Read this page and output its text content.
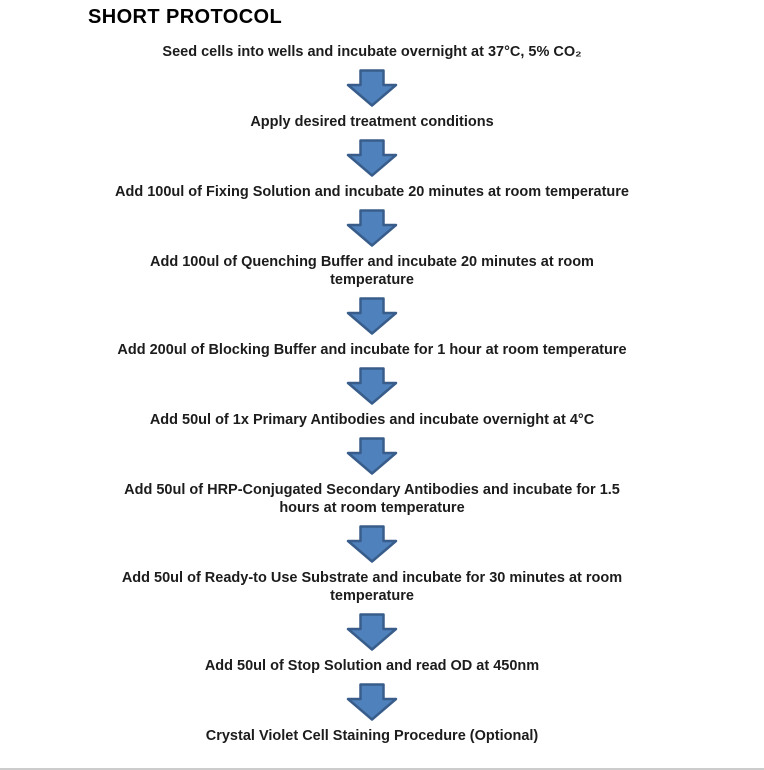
SHORT PROTOCOL
Seed cells into wells and incubate overnight at 37°C, 5% CO₂
Apply desired treatment conditions
Add 100ul of Fixing Solution and incubate 20 minutes at room temperature
Add 100ul of Quenching Buffer and incubate 20 minutes at room
temperature
Add 200ul of Blocking Buffer and incubate for 1 hour at room temperature
Add 50ul of 1x Primary Antibodies and incubate overnight at 4°C
Add 50ul of HRP-Conjugated Secondary Antibodies and incubate for 1.5
hours at room temperature
Add 50ul of Ready-to Use Substrate and incubate for 30 minutes at room
temperature
Add 50ul of Stop Solution and read OD at 450nm
Crystal Violet Cell Staining Procedure (Optional)
